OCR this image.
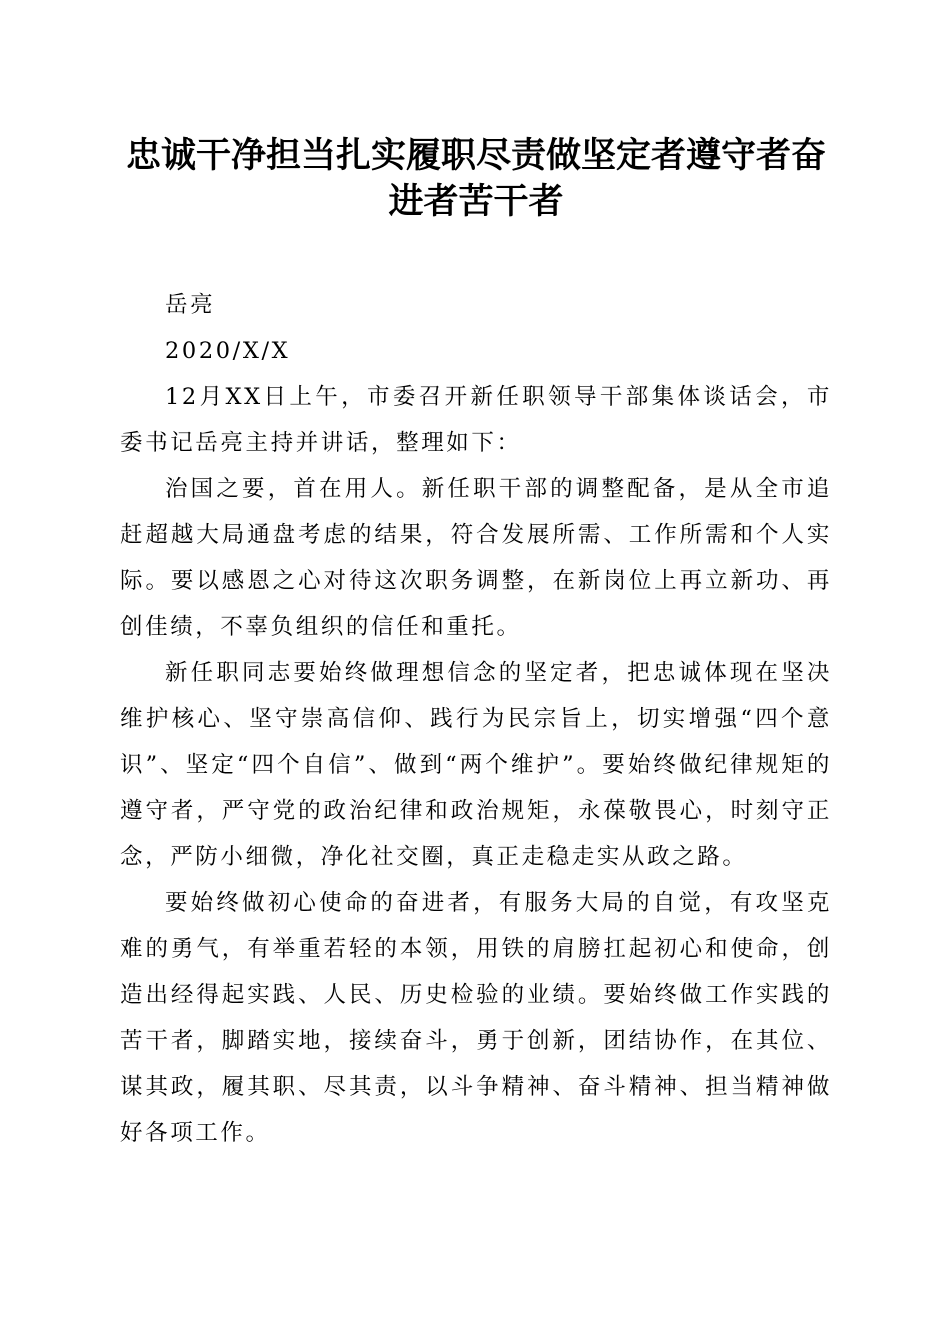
忠诚干净担当扎实履职尽责做坚定者遵守者奋
进者苦干者

岳亮

2020/X/X

12月XX日上午，市委召开新任职领导干部集体谈话会，市委书记岳亮主持并讲话，整理如下：

治国之要，首在用人。新任职干部的调整配备，是从全市追赶超越大局通盘考虑的结果，符合发展所需、工作所需和个人实际。要以感恩之心对待这次职务调整，在新岗位上再立新功、再创佳绩，不辜负组织的信任和重托。

新任职同志要始终做理想信念的坚定者，把忠诚体现在坚决维护核心、坚守崇高信仰、践行为民宗旨上，切实增强“四个意识”、坚定“四个自信”、做到“两个维护”。要始终做纪律规矩的遵守者，严守党的政治纪律和政治规矩，永葆敬畏心，时刻守正念，严防小细微，净化社交圈，真正走稳走实从政之路。

要始终做初心使命的奋进者，有服务大局的自觉，有攻坚克难的勇气，有举重若轻的本领，用铁的肩膀扛起初心和使命，创造出经得起实践、人民、历史检验的业绩。要始终做工作实践的苦干者，脚踏实地，接续奋斗，勇于创新，团结协作，在其位、谋其政，履其职、尽其责，以斗争精神、奋斗精神、担当精神做好各项工作。
